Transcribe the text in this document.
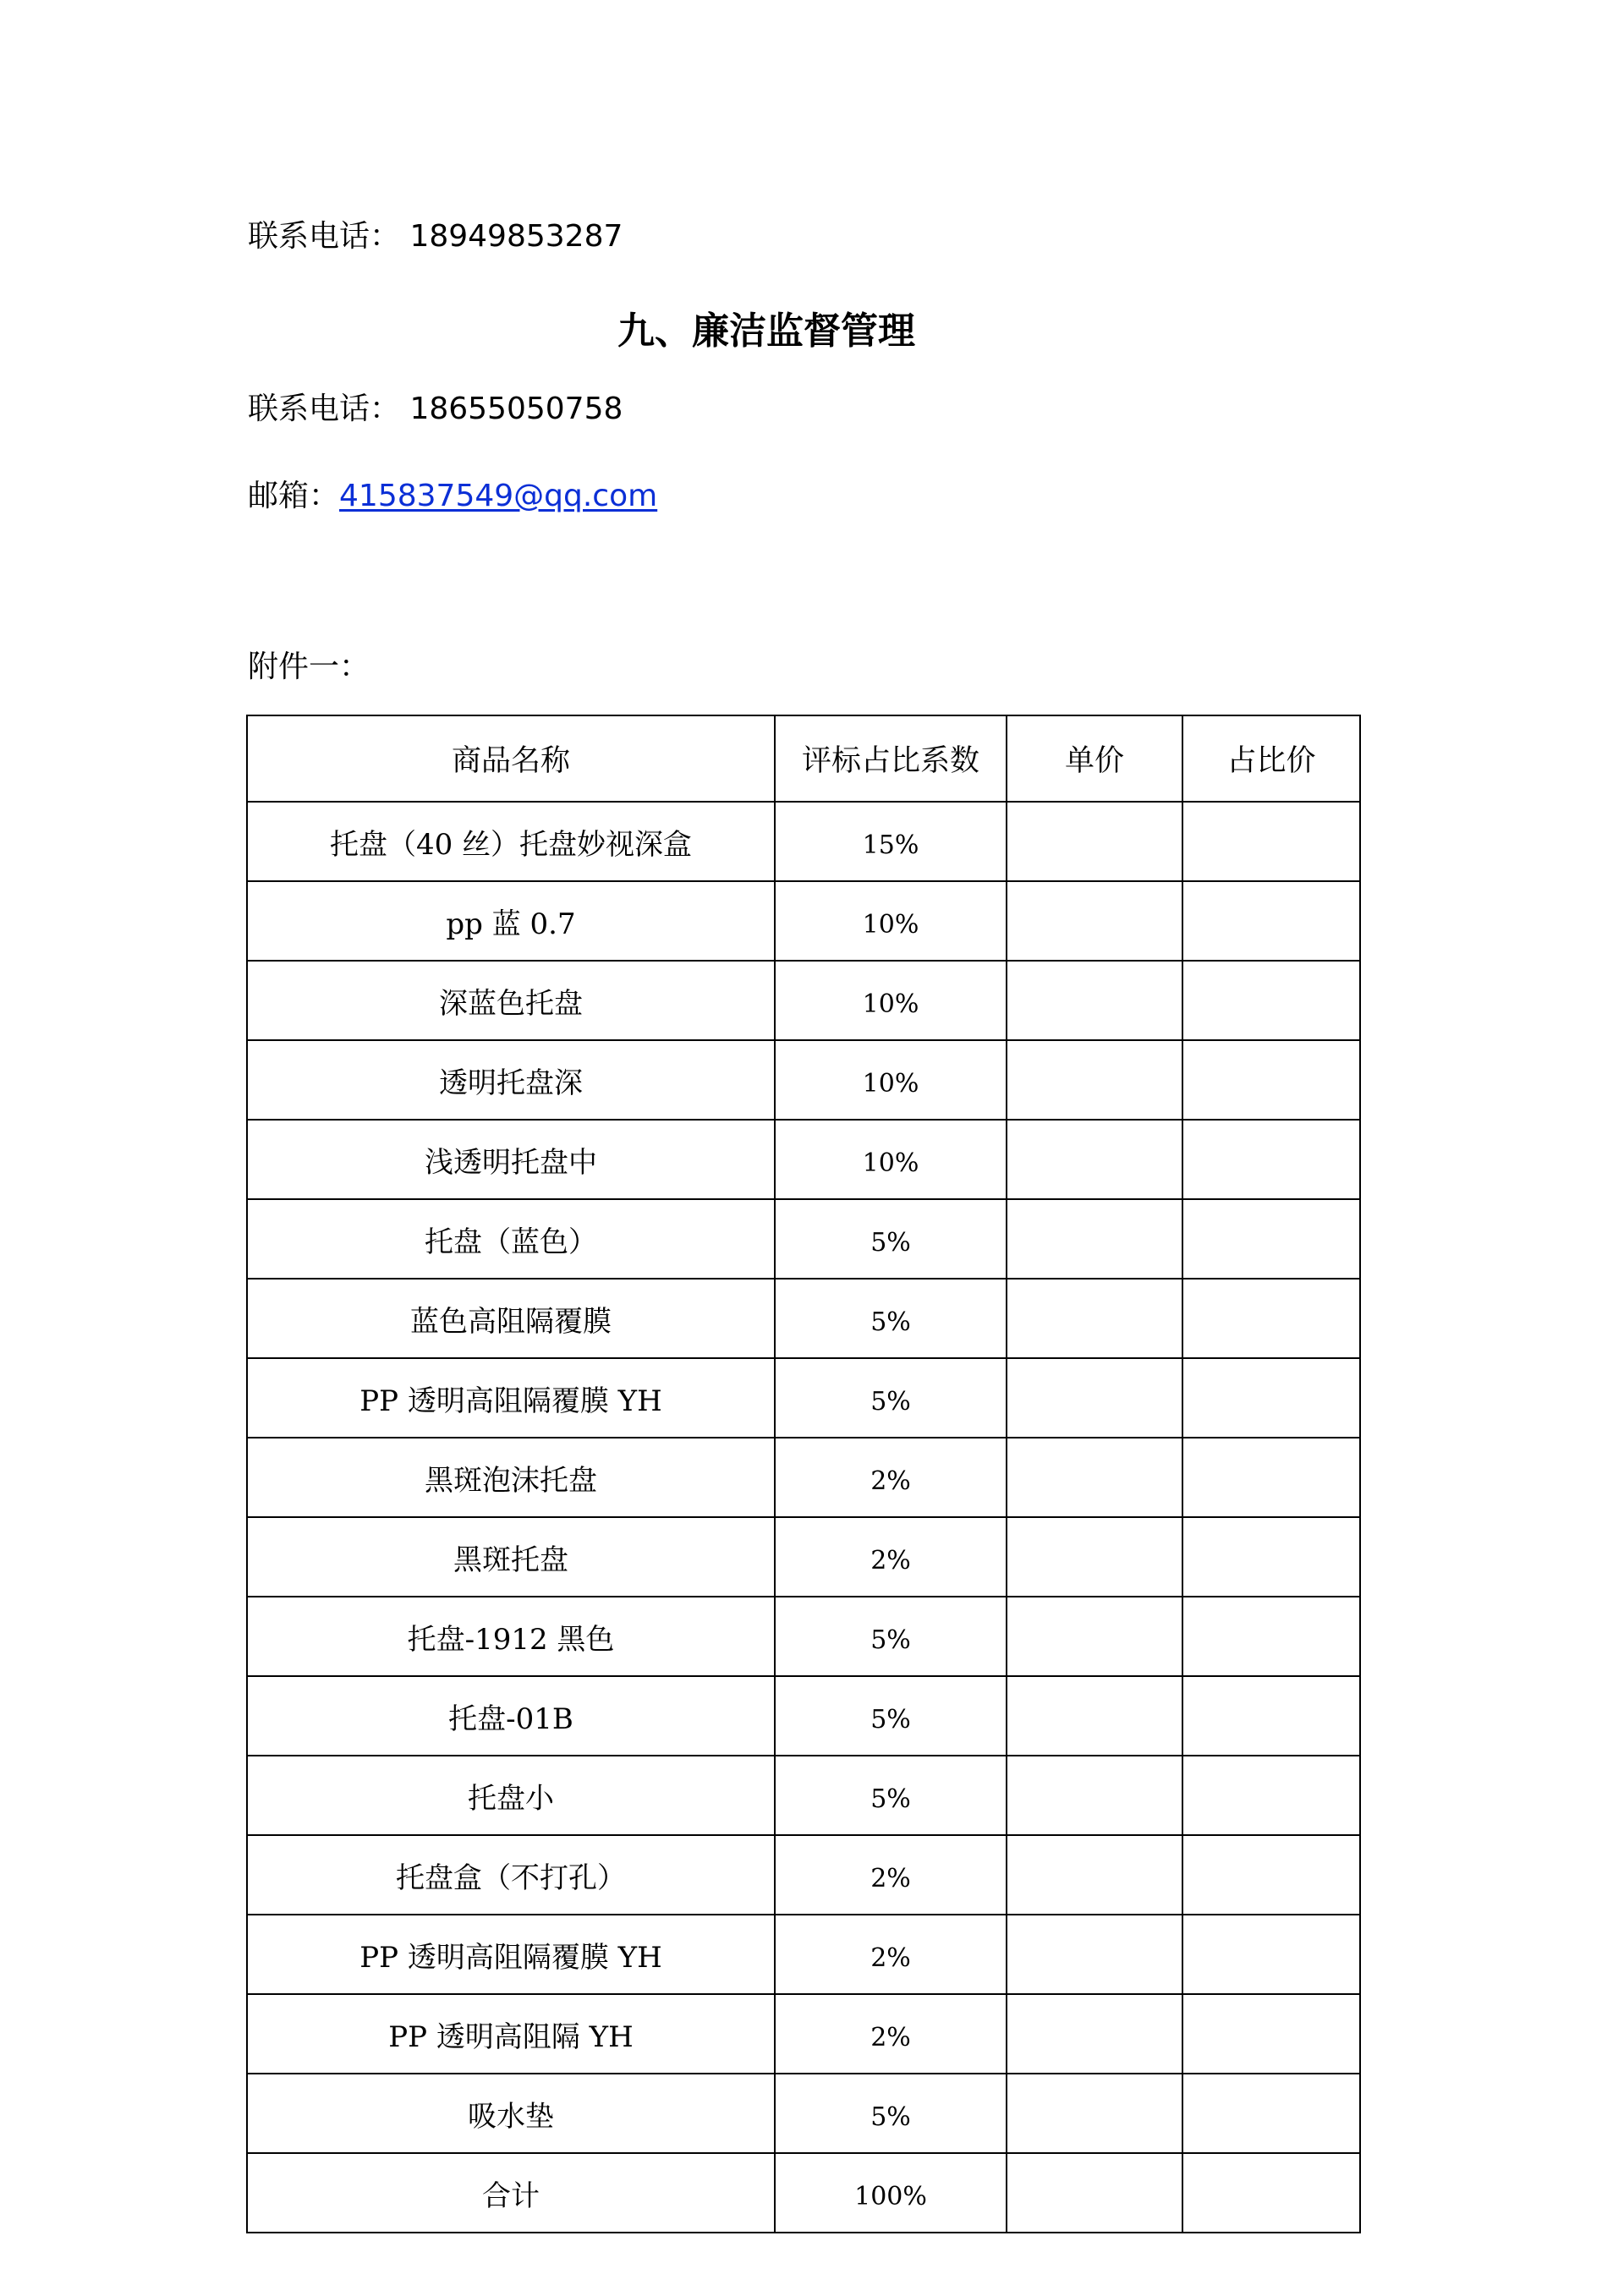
联系电话： 18949853287
九、廉洁监督管理
联系电话： 18655050758
邮箱：415837549@qq.com
附件一：
商品名称	评标占比系数	单价	占比价
托盘（40 丝）托盘妙视深盒	15%		
pp 蓝 0.7	10%		
深蓝色托盘	10%		
透明托盘深	10%		
浅透明托盘中	10%		
托盘（蓝色）	5%		
蓝色高阻隔覆膜	5%		
PP 透明高阻隔覆膜 YH	5%		
黑斑泡沫托盘	2%		
黑斑托盘	2%		
托盘-1912 黑色	5%		
托盘-01B	5%		
托盘小	5%		
托盘盒（不打孔）	2%		
PP 透明高阻隔覆膜 YH	2%		
PP 透明高阻隔 YH	2%		
吸水垫	5%		
合计	100%		
